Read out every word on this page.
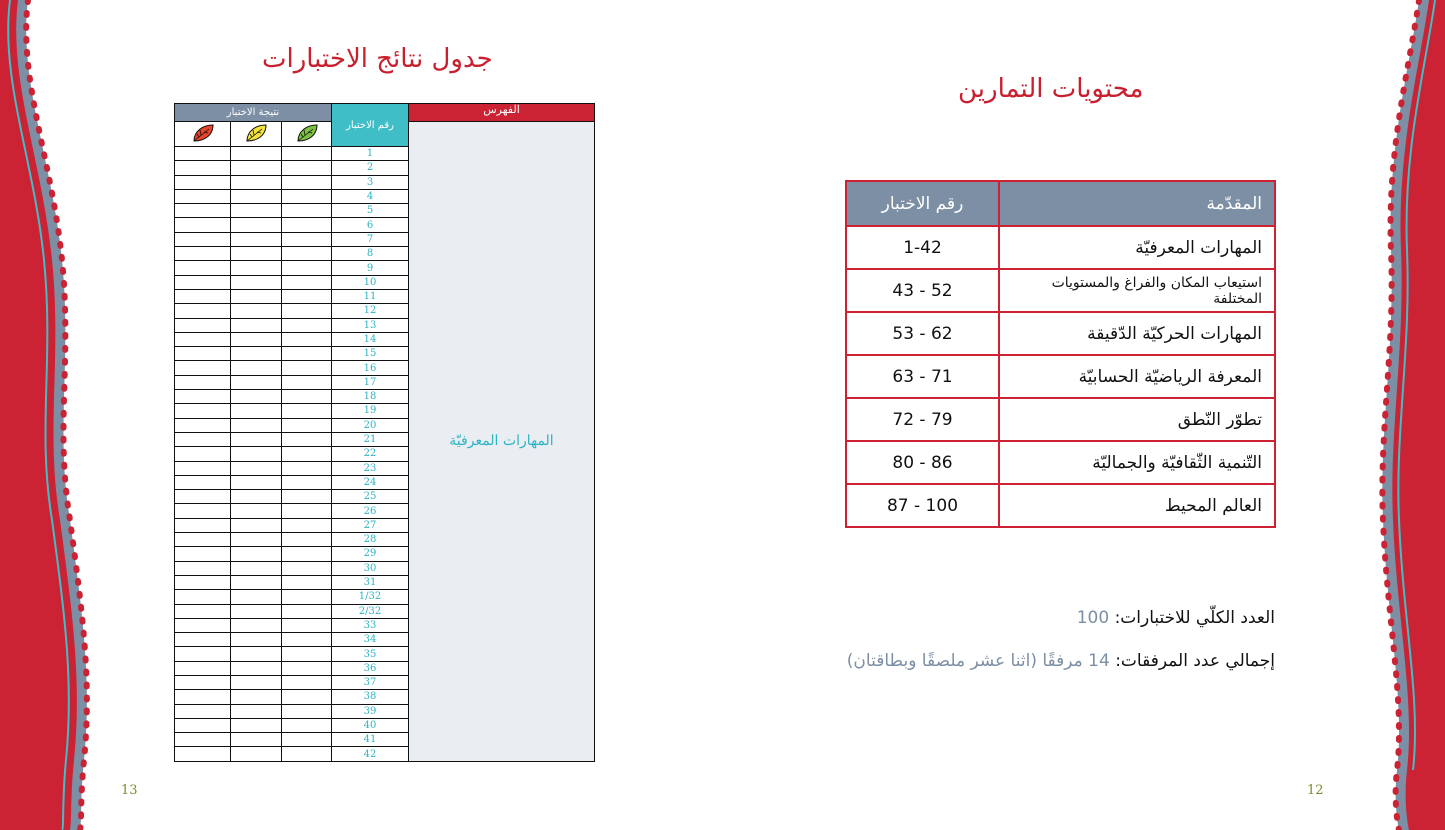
جدول نتائج الاختبارات
نتيجة الاختبار			رقم الاختبار	الفهرس
			المهارات المعرفيّة
			1	
			2	
			3	
			4	
			5	
			6	
			7	
			8	
			9	
			10	
			11	
			12	
			13	
			14	
			15	
			16	
			17	
			18	
			19	
			20	
			21	
			22	
			23	
			24	
			25	
			26	
			27	
			28	
			29	
			30	
			31	
			1/32	
			2/32	
			33	
			34	
			35	
			36	
			37	
			38	
			39	
			40	
			41	
			42	
13
محتويات التمارين
المقدّمة	رقم الاختبار
المهارات المعرفيّة	1-42
استيعاب المكان والفراغ والمستويات المختلفة	43 - 52
المهارات الحركيّة الدّقيقة	53 - 62
المعرفة الرياضيّة الحسابيّة	63 - 71
تطوّر النّطق	72 - 79
التّنمية الثّقافيّة والجماليّة	80 - 86
العالم المحيط	87 - 100
العدد الكلّي للاختبارات: 100
إجمالي عدد المرفقات: 14 مرفقًا (اثنا عشر ملصقًا وبطاقتان)
12
